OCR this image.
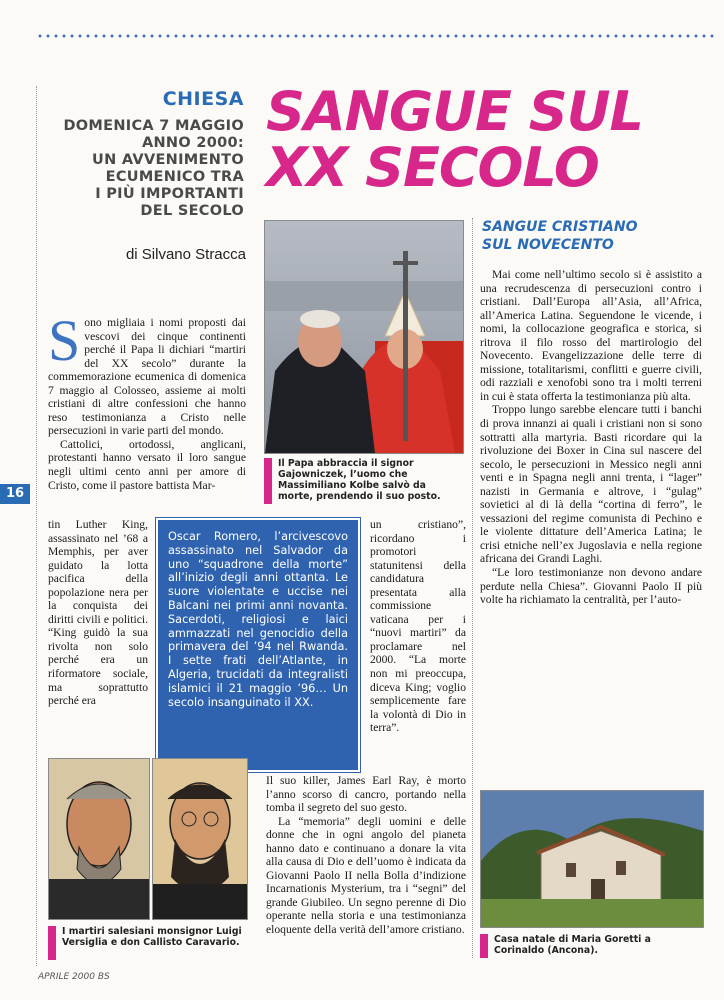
CHIESA
DOMENICA 7 MAGGIO
ANNO 2000:
UN AVVENIMENTO
ECUMENICO TRA
I PIÙ IMPORTANTI
DEL SECOLO
di Silvano Stracca
SANGUE SUL
XX SECOLO
SANGUE CRISTIANO
SUL NOVECENTO
16

Sono migliaia i nomi proposti dai vescovi dei cinque continenti perché il Papa li dichiari “martiri del XX secolo” durante la commemorazione ecumenica di domenica 7 maggio al Colosseo, assieme ai molti cristiani di altre confessioni che hanno reso testimonianza a Cristo nelle persecuzioni in varie parti del mondo.

Cattolici, ortodossi, anglicani, protestanti hanno versato il loro sangue negli ultimi cento anni per amore di Cristo, come il pastore battista Mar-

tin Luther King, assassinato nel ’68 a Memphis, per aver guidato la lotta pacifica della popolazione nera per la conquista dei diritti civili e politici. “King guidò la sua rivolta non solo perché era un riformatore sociale, ma soprattutto perché era

Il Papa abbraccia il signor Gajowniczek, l’uomo che Massimiliano Kolbe salvò da morte, prendendo il suo posto.
Oscar Romero, l’arcivescovo assassinato nel Salvador da uno “squadrone della morte” all’inizio degli anni ottanta. Le suore violentate e uccise nei Balcani nei primi anni novanta. Sacerdoti, religiosi e laici ammazzati nel genocidio della primavera del ’94 nel Rwanda. I sette frati dell’Atlante, in Algeria, trucidati da integralisti islamici il 21 maggio ’96… Un secolo insanguinato il XX.

un cristiano”, ricordano i promotori statunitensi della candidatura presentata alla commissione vaticana per i “nuovi martiri” da proclamare nel 2000. “La morte non mi preoccupa, diceva King; voglio semplicemente fare la volontà di Dio in terra”.

Il suo killer, James Earl Ray, è morto l’anno scorso di cancro, portando nella tomba il segreto del suo gesto.

La “memoria” degli uomini e delle donne che in ogni angolo del pianeta hanno dato e continuano a donare la vita alla causa di Dio e dell’uomo è indicata da Giovanni Paolo II nella Bolla d’indizione Incarnationis Mysterium, tra i “segni” del grande Giubileo. Un segno perenne di Dio operante nella storia e una testimonianza eloquente della verità dell’amore cristiano.

I martiri salesiani monsignor Luigi Versiglia e don Callisto Caravario.

Mai come nell’ultimo secolo si è assistito a una recrudescenza di persecuzioni contro i cristiani. Dall’Europa all’Asia, all’Africa, all’America Latina. Seguendone le vicende, i nomi, la collocazione geografica e storica, si ritrova il filo rosso del martirologio del Novecento. Evangelizzazione delle terre di missione, totalitarismi, conflitti e guerre civili, odi razziali e xenofobi sono tra i molti terreni in cui è stata offerta la testimonianza più alta.

Troppo lungo sarebbe elencare tutti i banchi di prova innanzi ai quali i cristiani non si sono sottratti alla martyria. Basti ricordare qui la rivoluzione dei Boxer in Cina sul nascere del secolo, le persecuzioni in Messico negli anni venti e in Spagna negli anni trenta, i “lager” nazisti in Germania e altrove, i “gulag” sovietici al di là della “cortina di ferro”, le vessazioni del regime comunista di Pechino e le violente dittature dell’America Latina; le crisi etniche nell’ex Jugoslavia e nella regione africana dei Grandi Laghi.

“Le loro testimonianze non devono andare perdute nella Chiesa”. Giovanni Paolo II più volte ha richiamato la centralità, per l’auto-

Casa natale di Maria Goretti a Corinaldo (Ancona).
APRILE 2000 BS
